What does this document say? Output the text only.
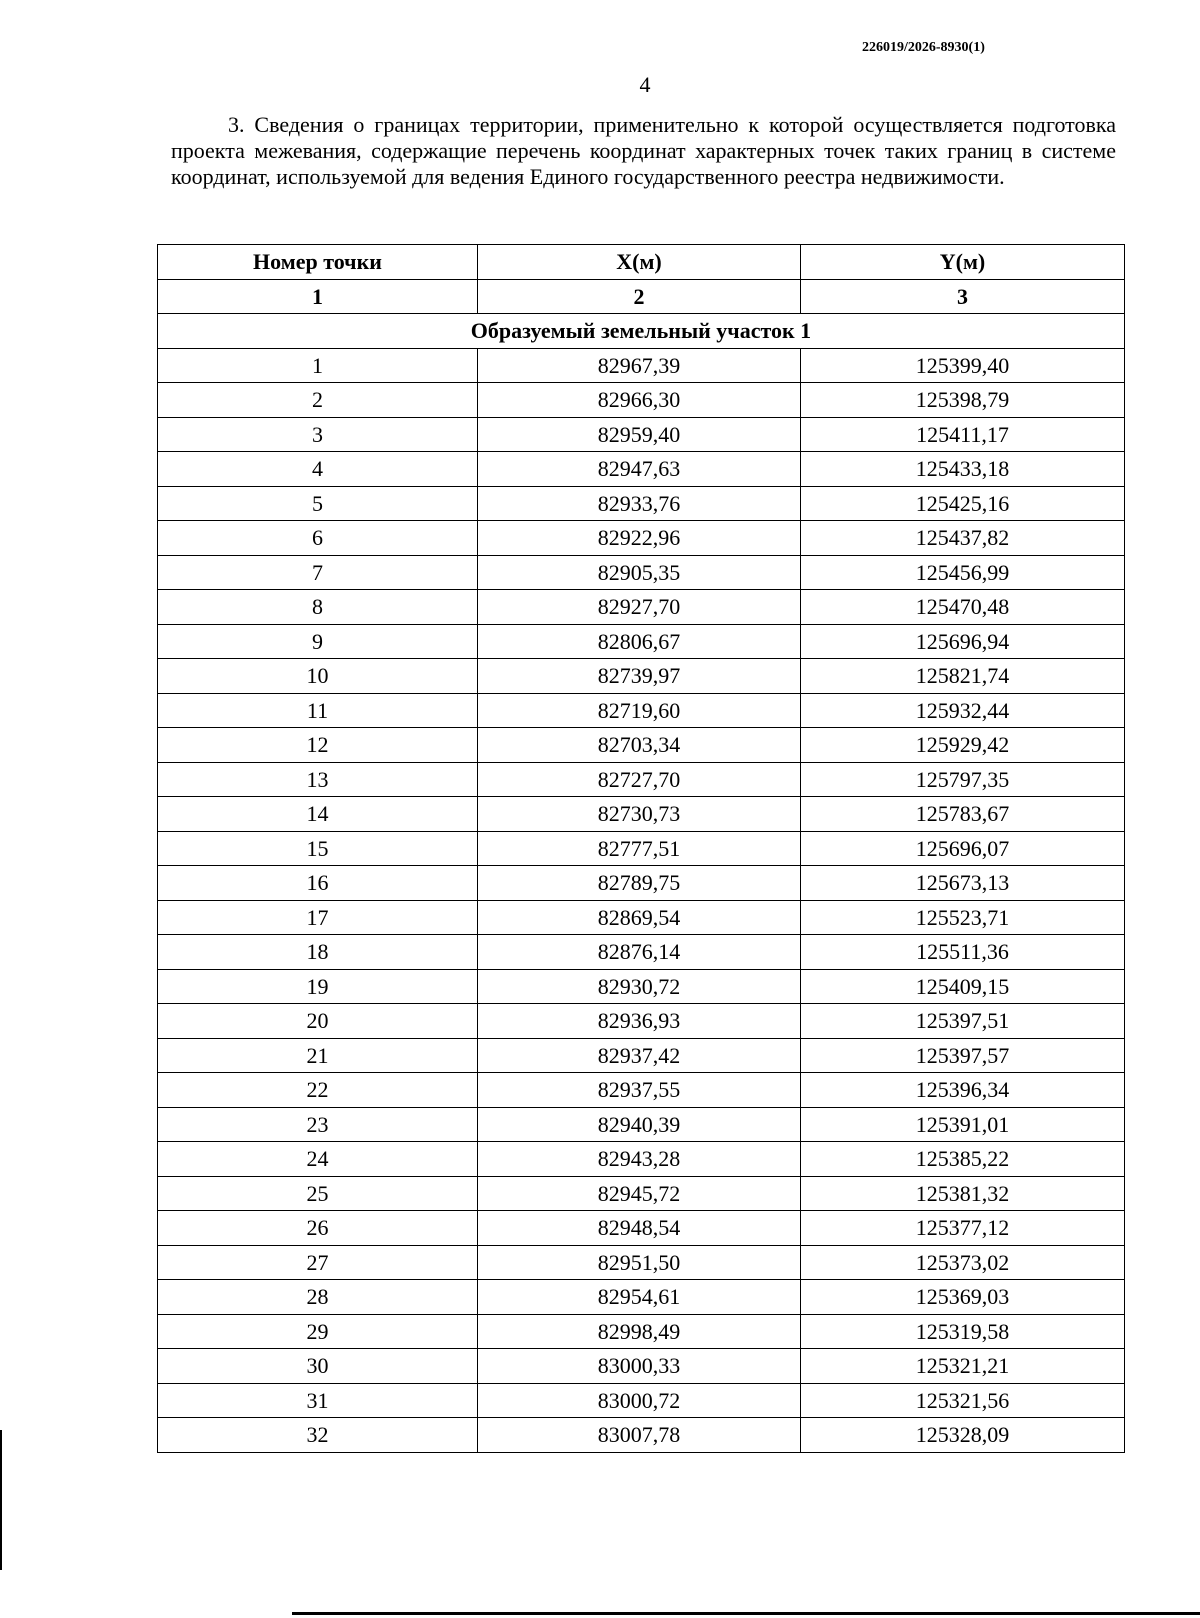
226019/2026-8930(1)
4
3. Сведения о границах территории, применительно к которой осуществляется подготовка проекта межевания, содержащие перечень координат характерных точек таких границ в системе координат, используемой для ведения Единого государственного реестра недвижимости.
Номер точки	X(м)	Y(м)
1	2	3
Образуемый земельный участок 1		
1	82967,39	125399,40
2	82966,30	125398,79
3	82959,40	125411,17
4	82947,63	125433,18
5	82933,76	125425,16
6	82922,96	125437,82
7	82905,35	125456,99
8	82927,70	125470,48
9	82806,67	125696,94
10	82739,97	125821,74
11	82719,60	125932,44
12	82703,34	125929,42
13	82727,70	125797,35
14	82730,73	125783,67
15	82777,51	125696,07
16	82789,75	125673,13
17	82869,54	125523,71
18	82876,14	125511,36
19	82930,72	125409,15
20	82936,93	125397,51
21	82937,42	125397,57
22	82937,55	125396,34
23	82940,39	125391,01
24	82943,28	125385,22
25	82945,72	125381,32
26	82948,54	125377,12
27	82951,50	125373,02
28	82954,61	125369,03
29	82998,49	125319,58
30	83000,33	125321,21
31	83000,72	125321,56
32	83007,78	125328,09
